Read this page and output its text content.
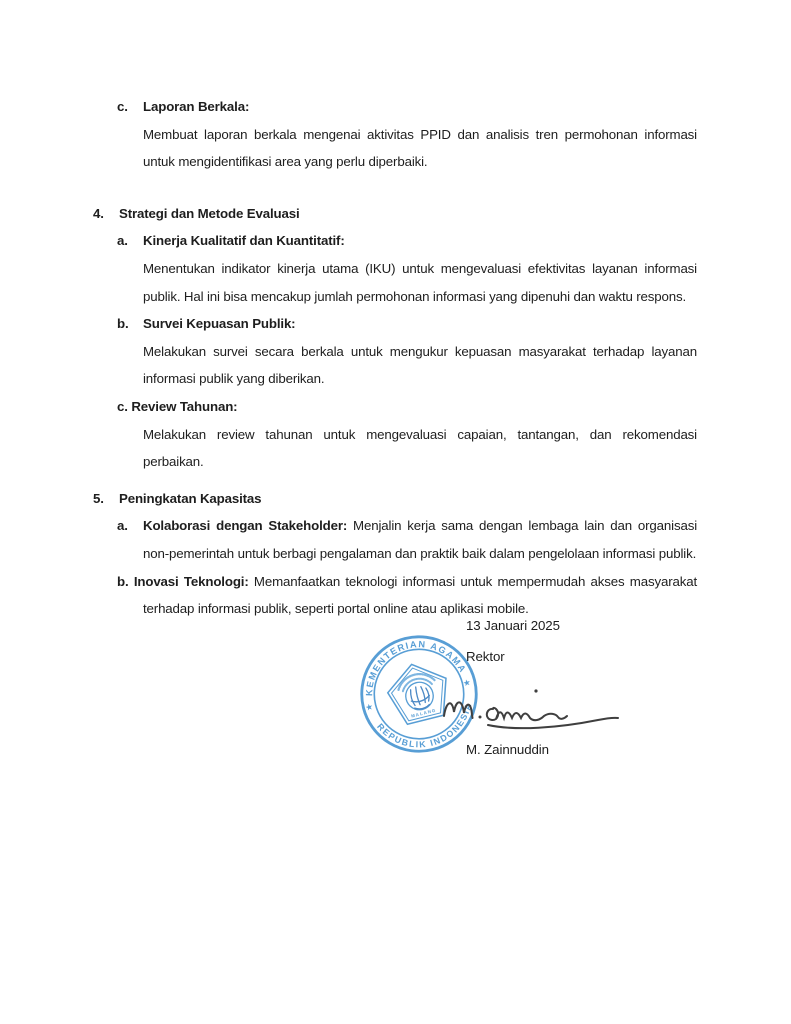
c. Laporan Berkala:
Membuat laporan berkala mengenai aktivitas PPID dan analisis tren permohonan informasi untuk mengidentifikasi area yang perlu diperbaiki.
4. Strategi dan Metode Evaluasi
a. Kinerja Kualitatif dan Kuantitatif:
Menentukan indikator kinerja utama (IKU) untuk mengevaluasi efektivitas layanan informasi publik. Hal ini bisa mencakup jumlah permohonan informasi yang dipenuhi dan waktu respons.
b. Survei Kepuasan Publik:
Melakukan survei secara berkala untuk mengukur kepuasan masyarakat terhadap layanan informasi publik yang diberikan.
c. Review Tahunan:
Melakukan review tahunan untuk mengevaluasi capaian, tantangan, dan rekomendasi perbaikan.
5. Peningkatan Kapasitas
a. Kolaborasi dengan Stakeholder: Menjalin kerja sama dengan lembaga lain dan organisasi non-pemerintah untuk berbagi pengalaman dan praktik baik dalam pengelolaan informasi publik.
b. Inovasi Teknologi: Memanfaatkan teknologi informasi untuk mempermudah akses masyarakat terhadap informasi publik, seperti portal online atau aplikasi mobile.
KEMENTERIAN AGAMA
REPUBLIK INDONESIA
★
★
MALANG
13 Januari 2025
Rektor
M. Zainnuddin
